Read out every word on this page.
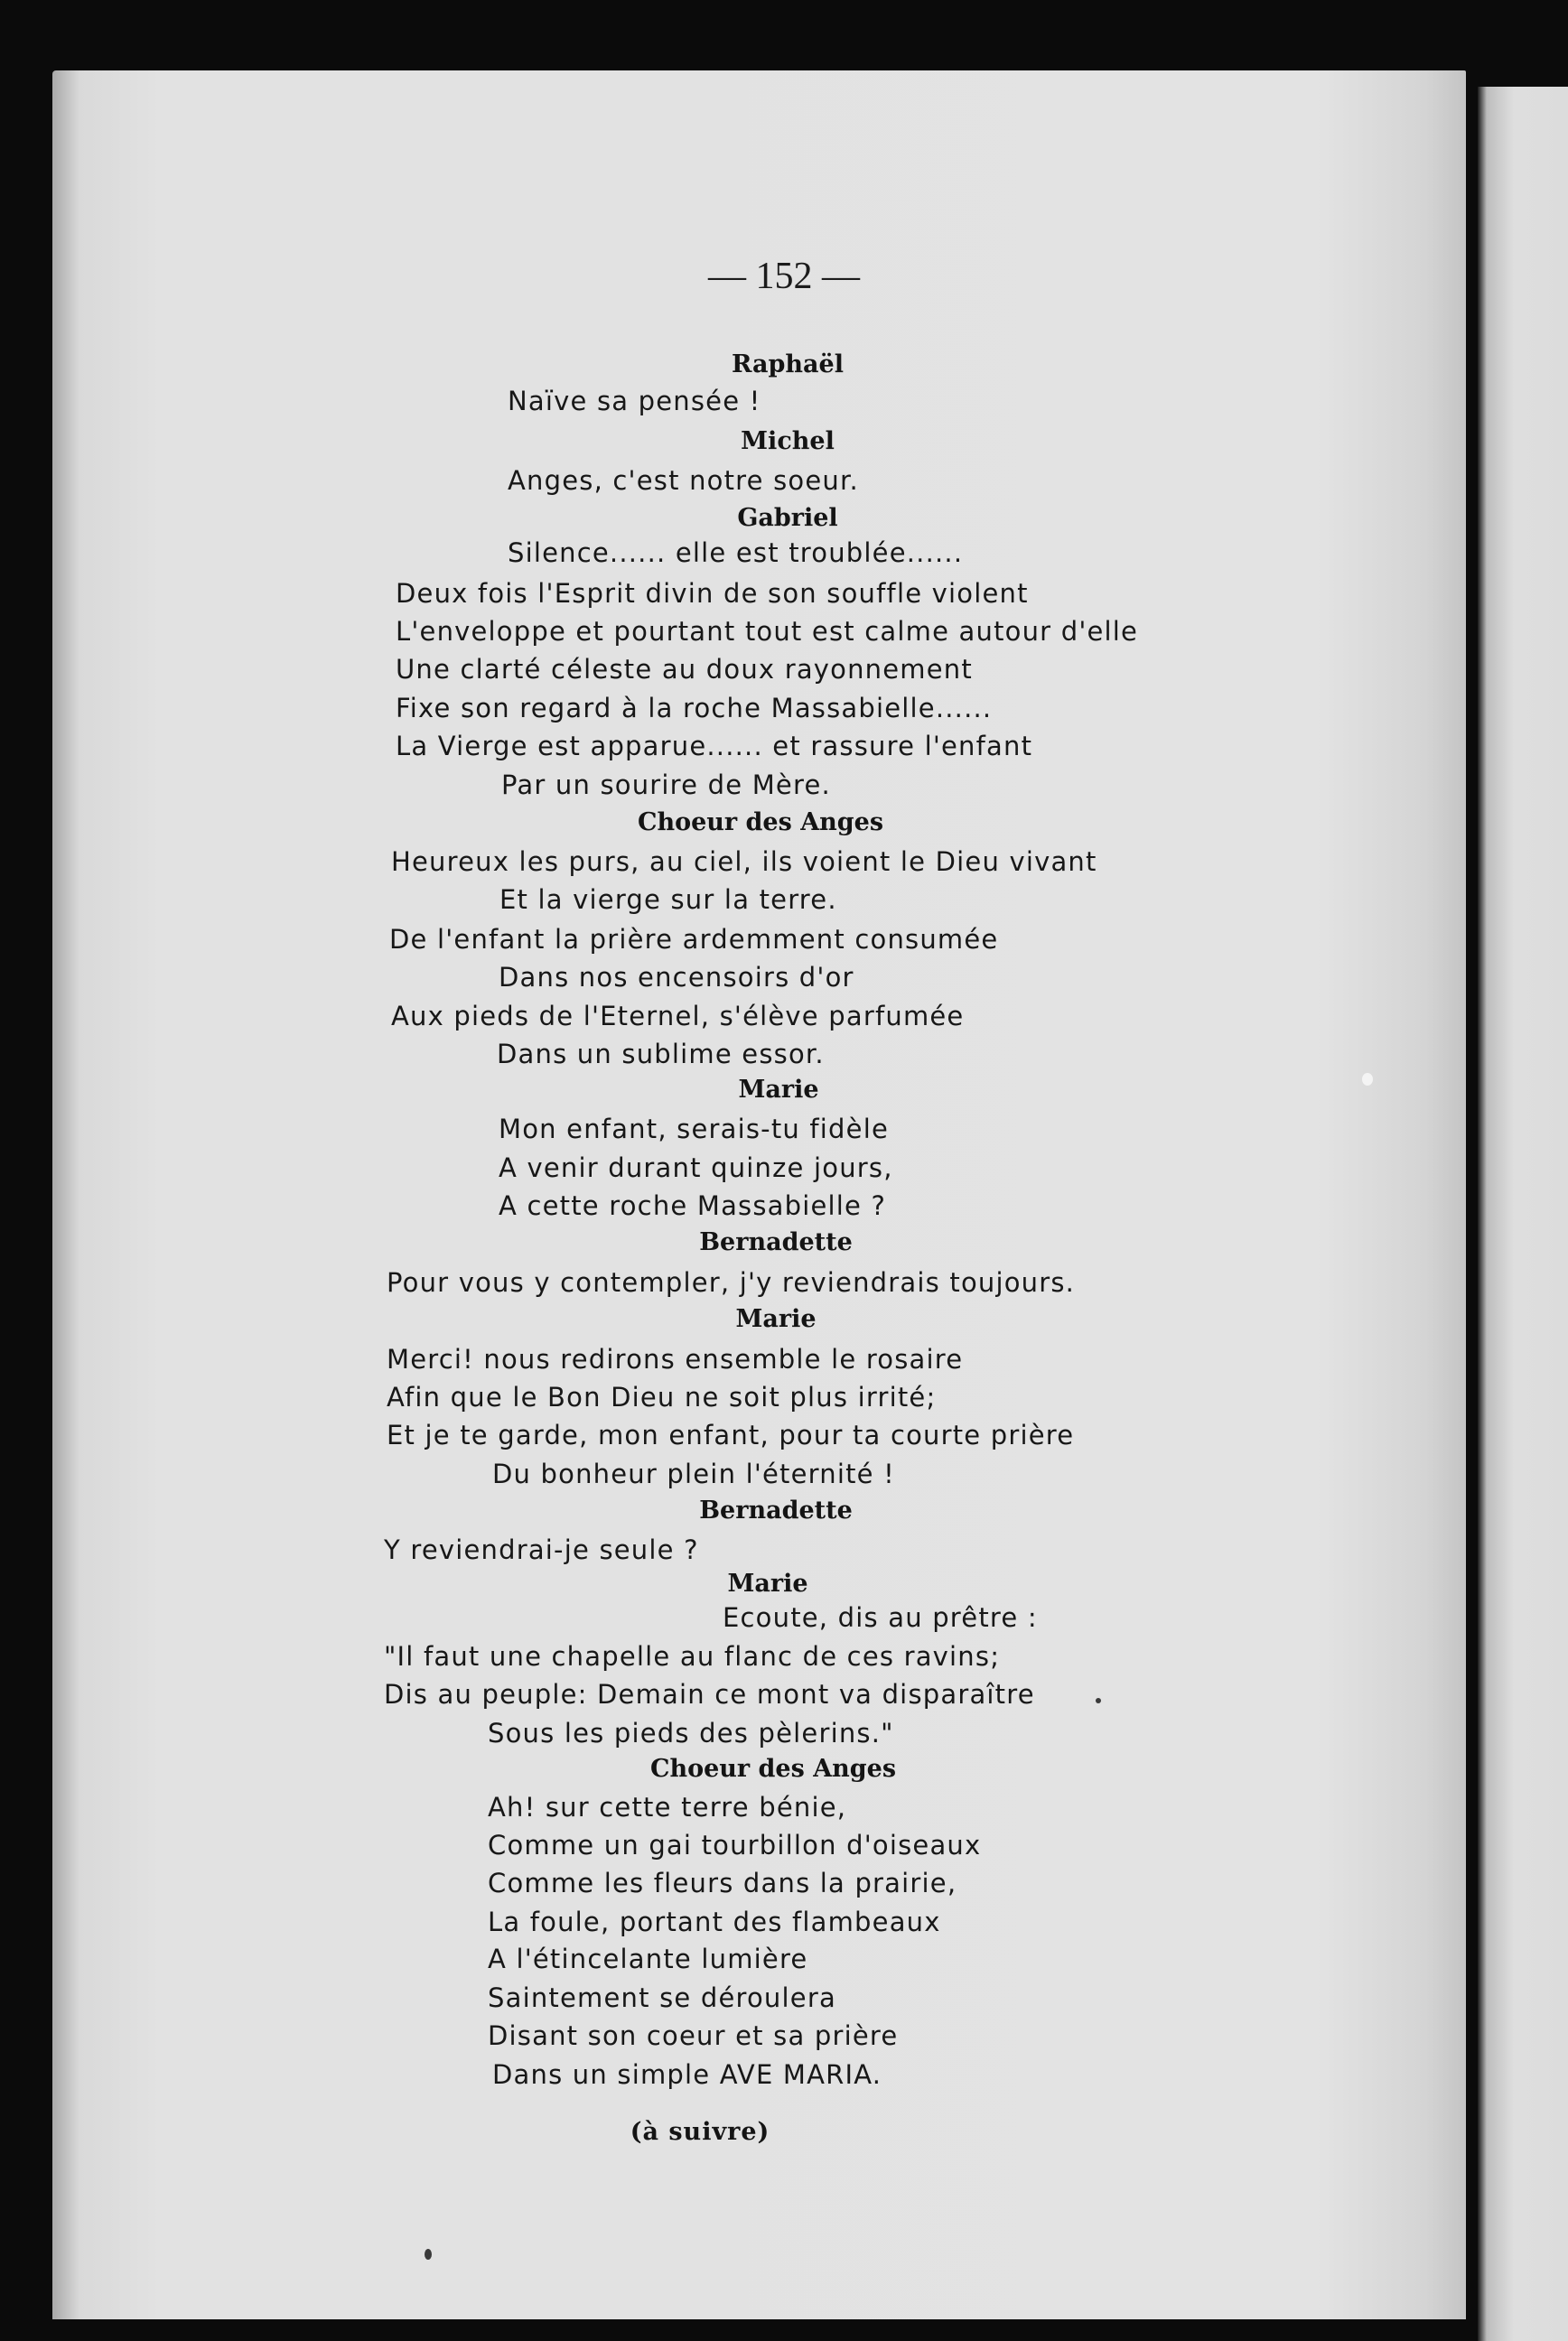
— 152 —
Raphaël
Naïve sa pensée !
Michel
Anges, c'est notre soeur.
Gabriel
Silence...... elle est troublée......
Deux fois l'Esprit divin de son souffle violent
L'enveloppe et pourtant tout est calme autour d'elle
Une clarté céleste au doux rayonnement
Fixe son regard à la roche Massabielle......
La Vierge est apparue...... et rassure l'enfant
Par un sourire de Mère.
Choeur des Anges
Heureux les purs, au ciel, ils voient le Dieu vivant
Et la vierge sur la terre.
De l'enfant la prière ardemment consumée
Dans nos encensoirs d'or
Aux pieds de l'Eternel, s'élève parfumée
Dans un sublime essor.
Marie
Mon enfant, serais-tu fidèle
A venir durant quinze jours,
A cette roche Massabielle ?
Bernadette
Pour vous y contempler, j'y reviendrais toujours.
Marie
Merci! nous redirons ensemble le rosaire
Afin que le Bon Dieu ne soit plus irrité;
Et je te garde, mon enfant, pour ta courte prière
Du bonheur plein l'éternité !
Bernadette
Y reviendrai-je seule ?
Marie
Ecoute, dis au prêtre :
"Il faut une chapelle au flanc de ces ravins;
Dis au peuple: Demain ce mont va disparaître
Sous les pieds des pèlerins."
Choeur des Anges
Ah! sur cette terre bénie,
Comme un gai tourbillon d'oiseaux
Comme les fleurs dans la prairie,
La foule, portant des flambeaux
A l'étincelante lumière
Saintement se déroulera
Disant son coeur et sa prière
Dans un simple AVE MARIA.
(à suivre)
